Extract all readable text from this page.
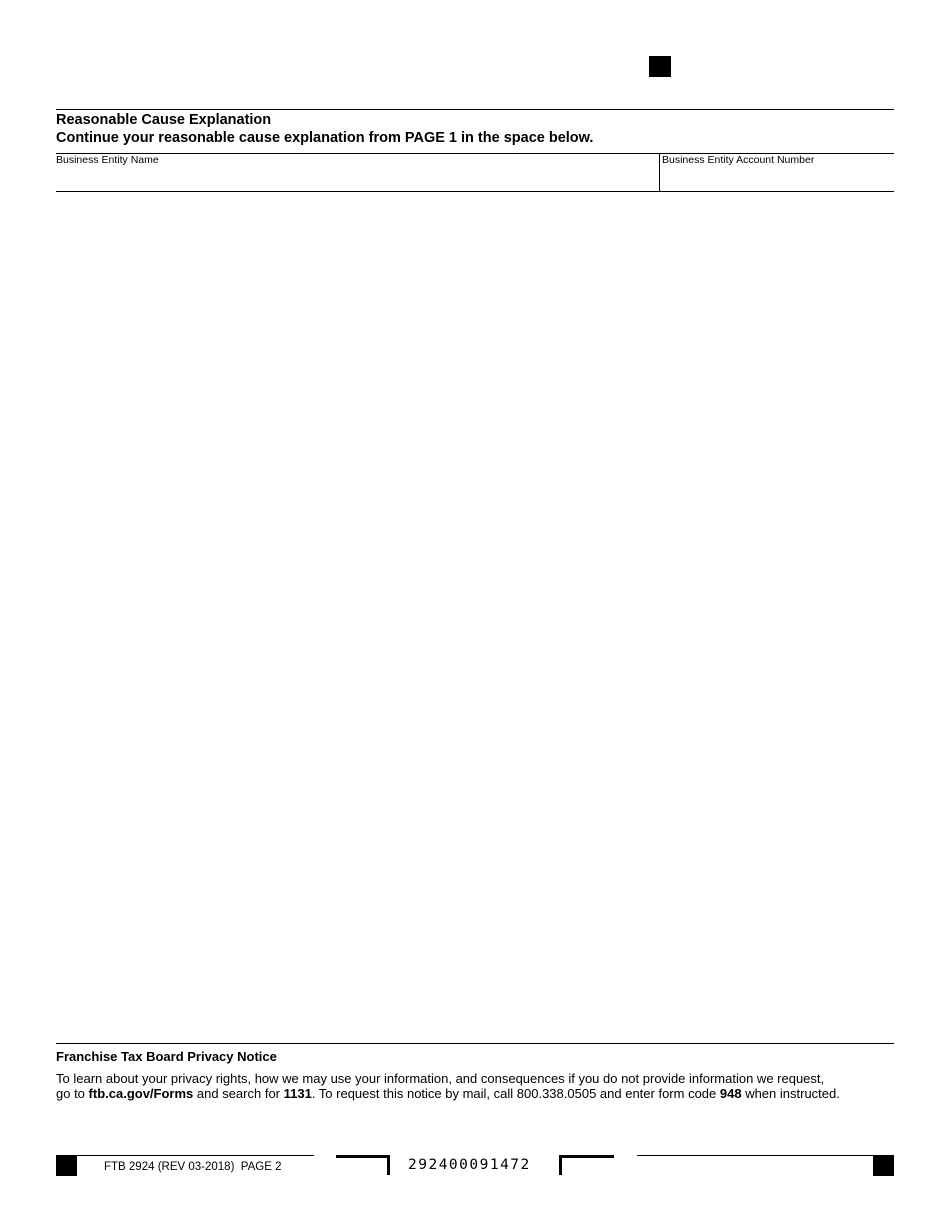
Reasonable Cause Explanation
Continue your reasonable cause explanation from PAGE 1 in the space below.
Business Entity Name	Business Entity Account Number
Franchise Tax Board Privacy Notice
To learn about your privacy rights, how we may use your information, and consequences if you do not provide information we request,
go to ftb.ca.gov/Forms and search for 1131. To request this notice by mail, call 800.338.0505 and enter form code 948 when instructed.
FTB 2924 (REV 03-2018) PAGE 2	292400091472
